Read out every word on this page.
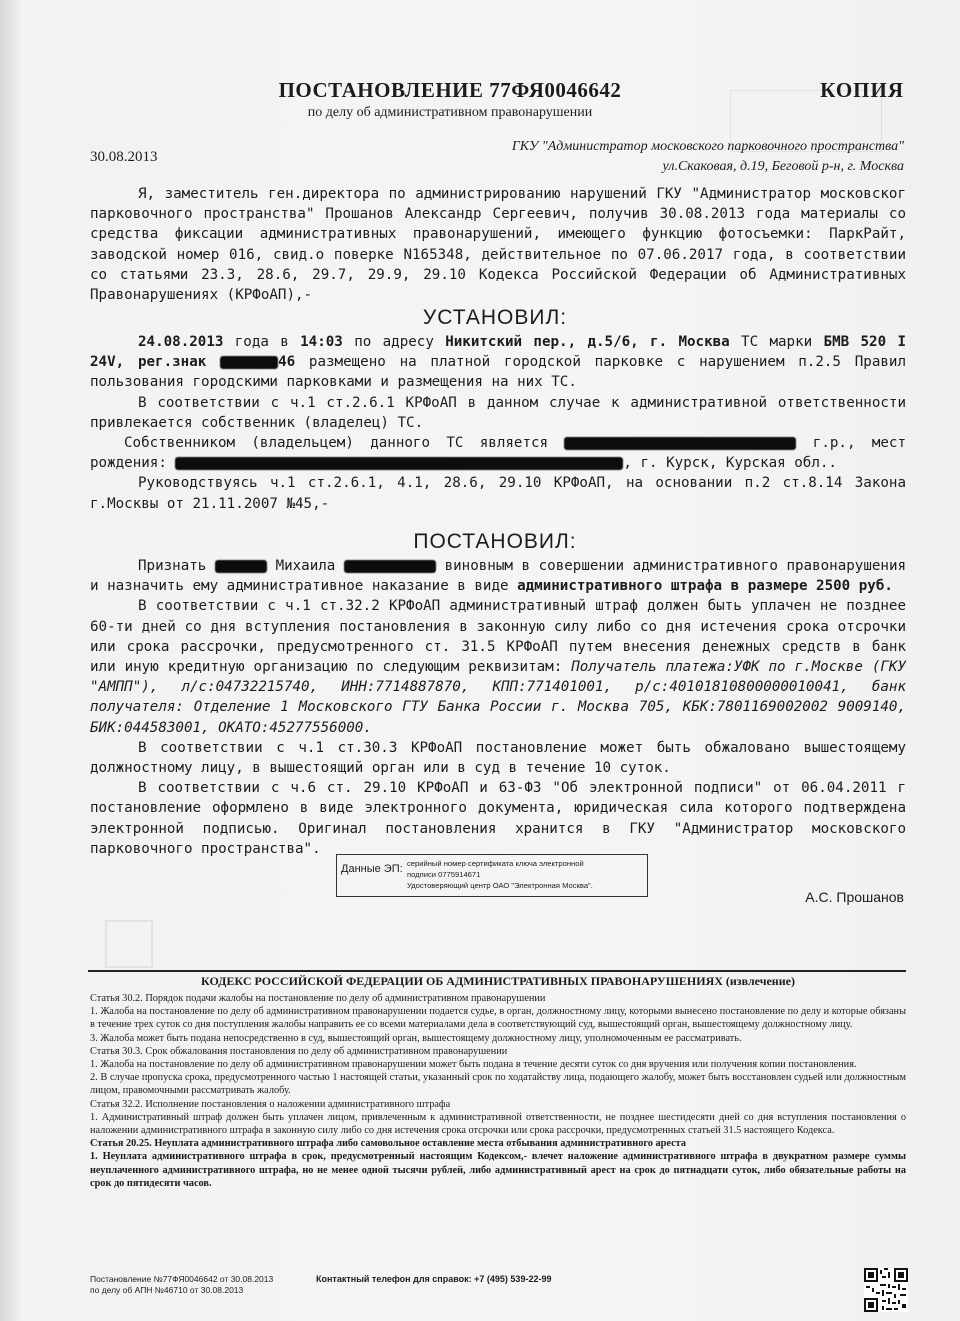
ПОСТАНОВЛЕНИЕ 77ФЯ0046642	КОПИЯ
по делу об административном правонарушении
ГКУ "Администратор московского парковочного пространства"
ул.Скаковая, д.19, Беговой р-н, г. Москва
30.08.2013

Я, заместитель ген.директора по администрированию нарушений ГКУ "Администратор московског парковочного пространства" Прошанов Александр Сергеевич, получив 30.08.2013 года материалы со средства фиксации административных правонарушений, имеющего функцию фотосъемки: ПаркРайт, заводской номер 016, свид.о поверке N165348, действительное по 07.06.2017 года, в соответствии со статьями 23.3, 28.6, 29.7, 29.9, 29.10 Кодекса Российской Федерации об Административных Правонарушениях (КРФоАП),-

УСТАНОВИЛ:

24.08.2013 года в 14:03 по адресу Никитский пер., д.5/6, г. Москва ТС марки БМВ 520 I 24V, рег.знак	46 размещено на платной городской парковке с нарушением п.2.5 Правил пользования городскими парковками и размещения на них ТС.

В соответствии с ч.1 ст.2.6.1 КРФоАП в данном случае к административной ответственности привлекается собственник (владелец) ТС.

Собственником (владельцем) данного ТС является	г.р., мест рождения:	, г. Курск, Курская обл..

Руководствуясь ч.1 ст.2.6.1, 4.1, 28.6, 29.10 КРФоАП, на основании п.2 ст.8.14 Закона г.Москвы от 21.11.2007 №45,-

ПОСТАНОВИЛ:

Признать	Михаила	виновным в совершении административного правонарушения и назначить ему административное наказание в виде административного штрафа в размере 2500 руб.

В соответствии с ч.1 ст.32.2 КРФоАП административный штраф должен быть уплачен не позднее 60-ти дней со дня вступления постановления в законную силу либо со дня истечения срока отсрочки или срока рассрочки, предусмотренного ст. 31.5 КРФоАП путем внесения денежных средств в банк или иную кредитную организацию по следующим реквизитам: Получатель платежа:УФК по г.Москве (ГКУ "АМПП"), л/с:04732215740, ИНН:7714887870, КПП:771401001, р/с:40101810800000010041, банк получателя: Отделение 1 Московского ГТУ Банка России г. Москва 705, КБК:7801169002002 9009140, БИК:044583001, ОКАТО:45277556000.

В соответствии с ч.1 ст.30.3 КРФоАП постановление может быть обжаловано вышестоящему должностному лицу, в вышестоящий орган или в суд в течение 10 суток.

В соответствии с ч.6 ст. 29.10 КРФоАП и 63-ФЗ "Об электронной подписи" от 06.04.2011 г постановление оформлено в виде электронного документа, юридическая сила которого подтверждена электронной подписью. Оригинал постановления хранится в ГКУ "Администратор московского парковочного пространства".

Данные ЭП: серийный номер сертификата ключа электронной
подписи 0775914671
Удостоверяющий центр ОАО "Электронная Москва".
А.С. Прошанов
КОДЕКС РОССИЙСКОЙ ФЕДЕРАЦИИ ОБ АДМИНИСТРАТИВНЫХ ПРАВОНАРУШЕНИЯХ (извлечение)

Статья 30.2. Порядок подачи жалобы на постановление по делу об административном правонарушении

1. Жалоба на постановление по делу об административном правонарушении подается судье, в орган, должностному лицу, которыми вынесено постановление по делу и которые обязаны в течение трех суток со дня поступления жалобы направить ее со всеми материалами дела в соответствующий суд, вышестоящий орган, вышестоящему должностному лицу.

3. Жалоба может быть подана непосредственно в суд, вышестоящий орган, вышестоящему должностному лицу, уполномоченным ее рассматривать.

Статья 30.3. Срок обжалования постановления по делу об административном правонарушении

1. Жалоба на постановление по делу об административном правонарушении может быть подана в течение десяти суток со дня вручения или получения копии постановления.

2. В случае пропуска срока, предусмотренного частью 1 настоящей статьи, указанный срок по ходатайству лица, подающего жалобу, может быть восстановлен судьей или должностным лицом, правомочными рассматривать жалобу.

Статья 32.2. Исполнение постановления о наложении административного штрафа

1. Административный штраф должен быть уплачен лицом, привлеченным к административной ответственности, не позднее шестидесяти дней со дня вступления постановления о наложении административного штрафа в законную силу либо со дня истечения срока отсрочки или срока рассрочки, предусмотренных статьей 31.5 настоящего Кодекса.

Статья 20.25. Неуплата административного штрафа либо самовольное оставление места отбывания административного ареста

1. Неуплата административного штрафа в срок, предусмотренный настоящим Кодексом,- влечет наложение административного штрафа в двукратном размере суммы неуплаченного административного штрафа, но не менее одной тысячи рублей, либо административный арест на срок до пятнадцати суток, либо обязательные работы на срок до пятидесяти часов.

Постановление №77ФЯ0046642 от 30.08.2013
по делу об АПН №46710 от 30.08.2013
Контактный телефон для справок: +7 (495) 539-22-99
